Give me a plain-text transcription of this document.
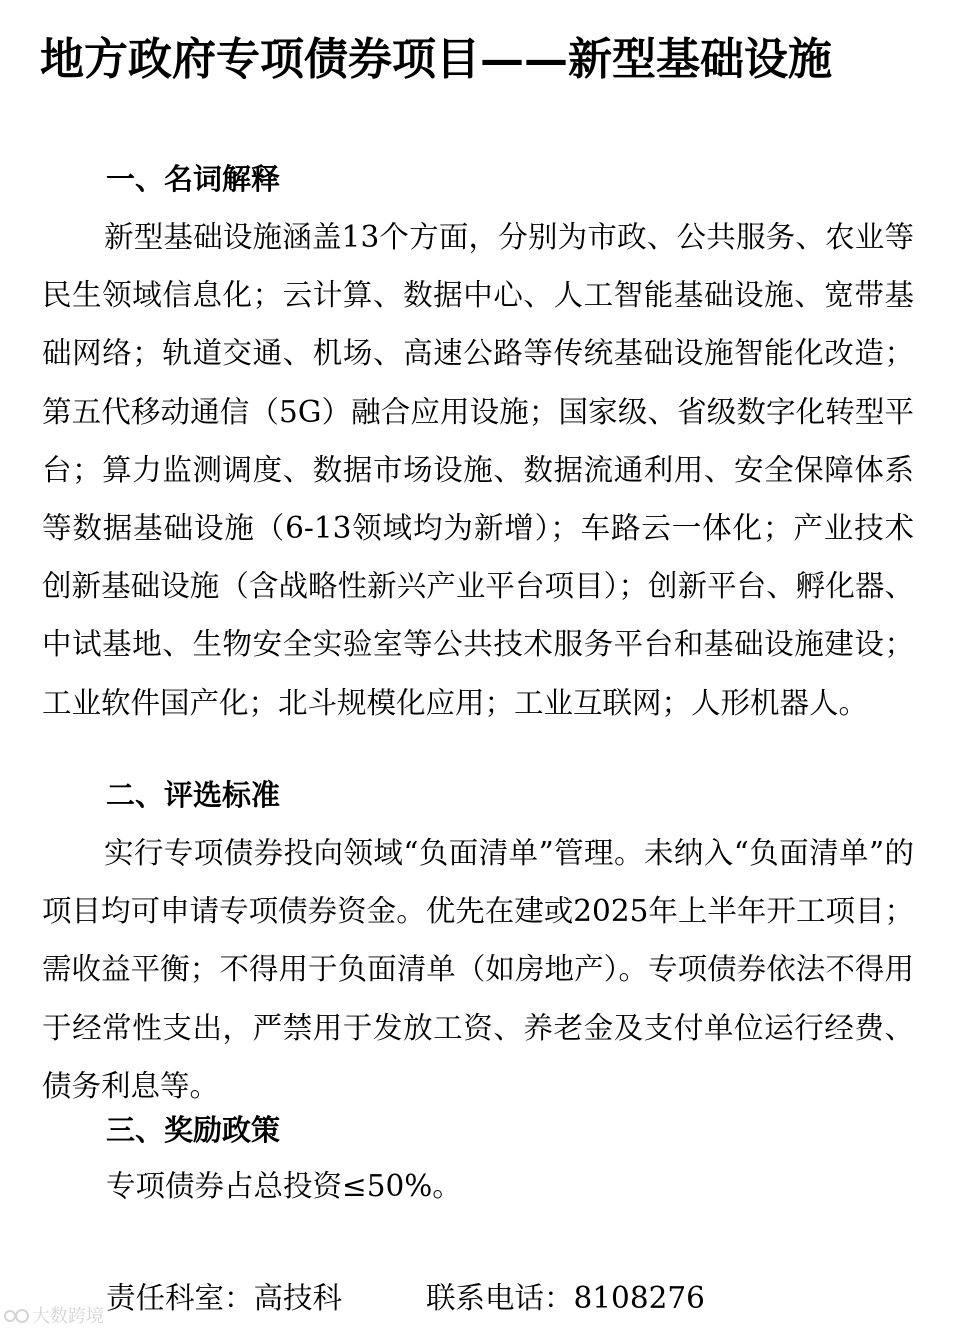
地方政府专项债券项目——新型基础设施
一、名词解释
新型基础设施涵盖13个方面，分别为市政、公共服务、农业等民生领域信息化；云计算、数据中心、人工智能基础设施、宽带基础网络；轨道交通、机场、高速公路等传统基础设施智能化改造；第五代移动通信（5G）融合应用设施；国家级、省级数字化转型平台；算力监测调度、数据市场设施、数据流通利用、安全保障体系等数据基础设施（6-13领域均为新增）；车路云一体化；产业技术创新基础设施（含战略性新兴产业平台项目）；创新平台、孵化器、中试基地、生物安全实验室等公共技术服务平台和基础设施建设；工业软件国产化；北斗规模化应用；工业互联网；人形机器人。
二、评选标准
实行专项债券投向领域“负面清单”管理。未纳入“负面清单”的项目均可申请专项债券资金。优先在建或2025年上半年开工项目；需收益平衡；不得用于负面清单（如房地产）。专项债券依法不得用于经常性支出，严禁用于发放工资、养老金及支付单位运行经费、债务利息等。
三、奖励政策
专项债券占总投资≤50%。
责任科室：高技科	联系电话：8108276
大数跨境
